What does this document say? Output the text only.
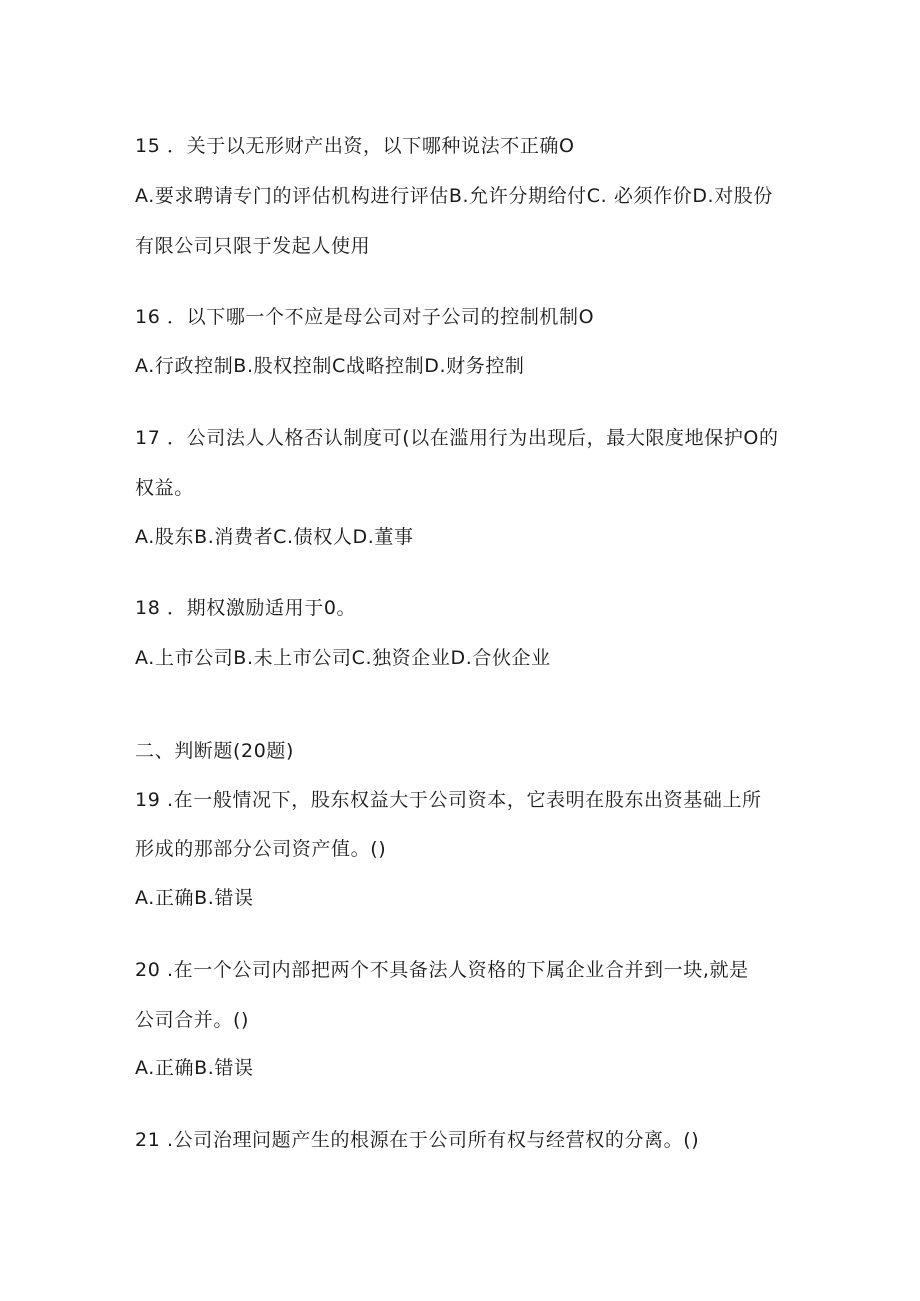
15 ．关于以无形财产出资，以下哪种说法不正确O
A.要求聘请专门的评估机构进行评估B.允许分期给付C. 必须作价D.对股份
有限公司只限于发起人使用
16 ．以下哪一个不应是母公司对子公司的控制机制O
A.行政控制B.股权控制C战略控制D.财务控制
17 ．公司法人人格否认制度可(以在滥用行为出现后，最大限度地保护O的
权益。
A.股东B.消费者C.债权人D.董事
18 ．期权激励适用于0。
A.上市公司B.未上市公司C.独资企业D.合伙企业
二、判断题(20题)
19 .在一般情况下，股东权益大于公司资本，它表明在股东出资基础上所
形成的那部分公司资产值。()
A.正确B.错误
20 .在一个公司内部把两个不具备法人资格的下属企业合并到一块,就是
公司合并。()
A.正确B.错误
21 .公司治理问题产生的根源在于公司所有权与经营权的分离。()
